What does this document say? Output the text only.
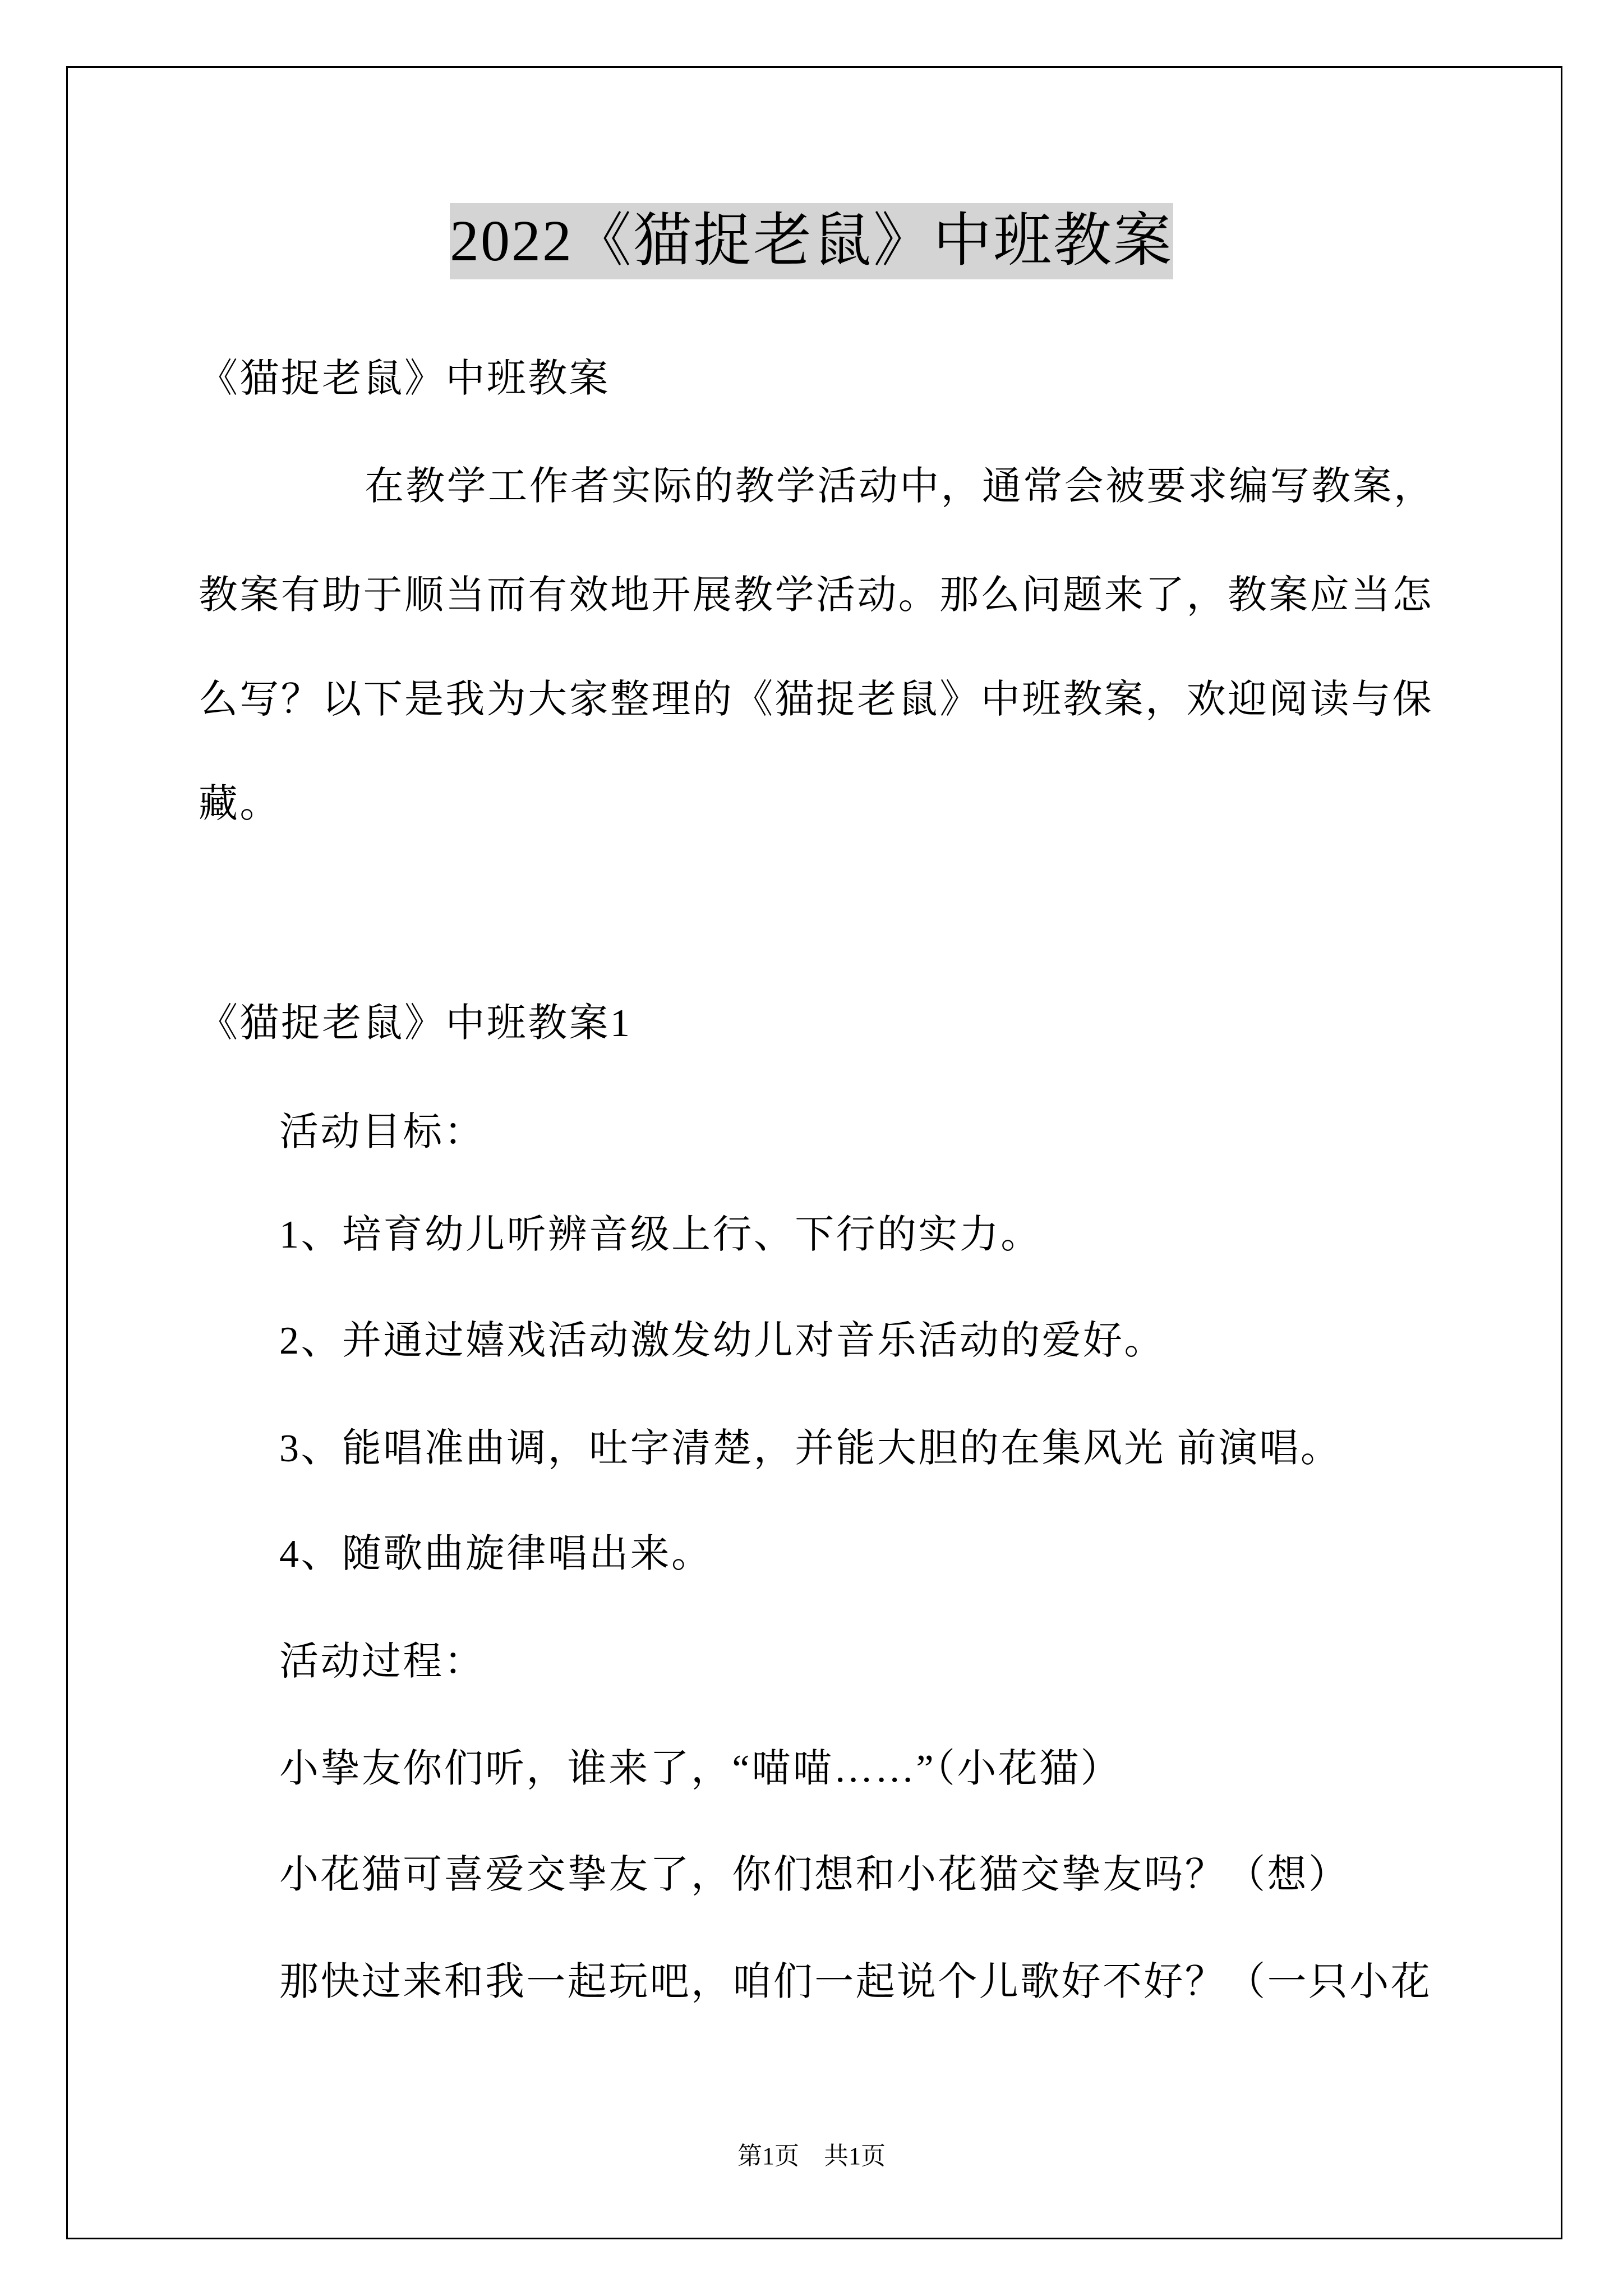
2022《猫捉老鼠》中班教案
《猫捉老鼠》中班教案
在教学工作者实际的教学活动中，通常会被要求编写教案，
教案有助于顺当而有效地开展教学活动。那么问题来了，教案应当怎
么写？以下是我为大家整理的《猫捉老鼠》中班教案，欢迎阅读与保
藏。
《猫捉老鼠》中班教案1
活动目标：
1、培育幼儿听辨音级上行、下行的实力。
2、并通过嬉戏活动激发幼儿对音乐活动的爱好。
3、能唱准曲调，吐字清楚，并能大胆的在集风光 前演唱。
4、随歌曲旋律唱出来。
活动过程：
小挚友你们听，谁来了，“喵喵……”（小花猫）
小花猫可喜爱交挚友了，你们想和小花猫交挚友吗？（想）
那快过来和我一起玩吧，咱们一起说个儿歌好不好？（一只小花
第1页 共1页
